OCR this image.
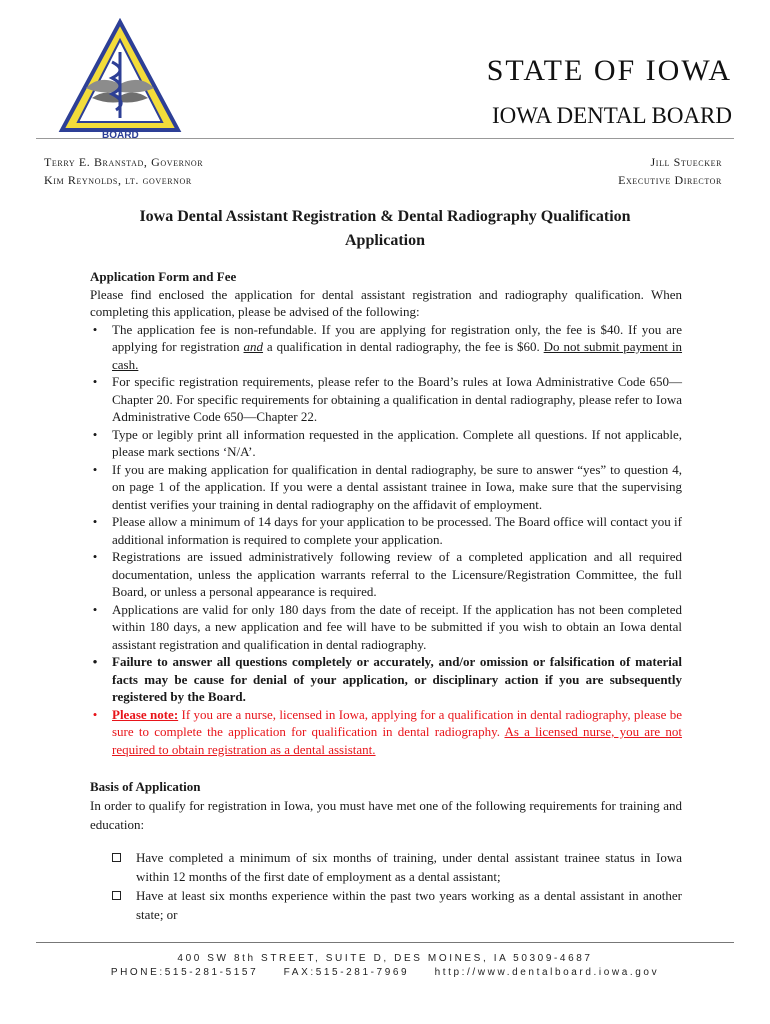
IOWA	DENTAL
BOARD
STATE OF IOWA
IOWA DENTAL BOARD
Terry E. Branstad, Governor
Kim Reynolds, lt. governor
Jill Stuecker
Executive Director
Iowa Dental Assistant Registration & Dental Radiography Qualification
Application

Application Form and Fee

Please find enclosed the application for dental assistant registration and radiography qualification. When completing this application, please be advised of the following:

• The application fee is non-refundable. If you are applying for registration only, the fee is $40. If you are applying for registration and a qualification in dental radiography, the fee is $60. Do not submit payment in cash.
• For specific registration requirements, please refer to the Board’s rules at Iowa Administrative Code 650—Chapter 20. For specific requirements for obtaining a qualification in dental radiography, please refer to Iowa Administrative Code 650—Chapter 22.
• Type or legibly print all information requested in the application. Complete all questions. If not applicable, please mark sections ‘N/A’.
• If you are making application for qualification in dental radiography, be sure to answer “yes” to question 4, on page 1 of the application. If you were a dental assistant trainee in Iowa, make sure that the supervising dentist verifies your training in dental radiography on the affidavit of employment.
• Please allow a minimum of 14 days for your application to be processed. The Board office will contact you if additional information is required to complete your application.
• Registrations are issued administratively following review of a completed application and all required documentation, unless the application warrants referral to the Licensure/Registration Committee, the full Board, or unless a personal appearance is required.
• Applications are valid for only 180 days from the date of receipt. If the application has not been completed within 180 days, a new application and fee will have to be submitted if you wish to obtain an Iowa dental assistant registration and qualification in dental radiography.
• Failure to answer all questions completely or accurately, and/or omission or falsification of material facts may be cause for denial of your application, or disciplinary action if you are subsequently registered by the Board.
• Please note: If you are a nurse, licensed in Iowa, applying for a qualification in dental radiography, please be sure to complete the application for qualification in dental radiography. As a licensed nurse, you are not required to obtain registration as a dental assistant.

Basis of Application

In order to qualify for registration in Iowa, you must have met one of the following requirements for training and education:

Have completed a minimum of six months of training, under dental assistant trainee status in Iowa within 12 months of the first date of employment as a dental assistant;
Have at least six months experience within the past two years working as a dental assistant in another state; or
400 SW 8th STREET, SUITE D, DES MOINES, IA 50309-4687
PHONE:515-281-5157	FAX:515-281-7969	http://www.dentalboard.iowa.gov
